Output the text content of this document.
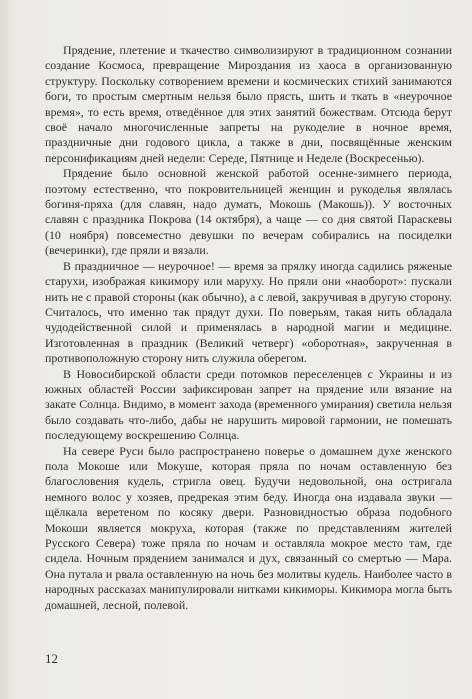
Прядение, плетение и ткачество символизируют в традиционном сознании создание Космоса, превращение Мироздания из хаоса в организованную структуру. Поскольку сотворением времени и космических стихий занимаются боги, то простым смертным нельзя было прясть, шить и ткать в «неурочное время», то есть время, отведённое для этих занятий божествам. Отсюда берут своё начало многочисленные запреты на рукоделие в ночное время, праздничные дни годового цикла, а также в дни, посвящённые женским персонификациям дней недели: Середе, Пятнице и Неделе (Воскресенью).

Прядение было основной женской работой осенне-зимнего периода, поэтому естественно, что покровительницей женщин и рукоделья являлась богиня-пряха (для славян, надо думать, Мокошь (Макошь)). У восточных славян с праздника Покрова (14 октября), а чаще — со дня святой Параскевы (10 ноября) повсеместно девушки по вечерам собирались на посиделки (вечеринки), где пряли и вязали.

В праздничное — неурочное! — время за прялку иногда садились ряженые старухи, изображая кикимору или маруху. Но пряли они «наоборот»: пускали нить не с правой стороны (как обычно), а с левой, закручивая в другую сторону. Считалось, что именно так прядут духи. По поверьям, такая нить обладала чудодейственной силой и применялась в народной магии и медицине. Изготовленная в праздник (Великий четверг) «оборотная», закрученная в противоположную сторону нить служила оберегом.

В Новосибирской области среди потомков переселенцев с Украины и из южных областей России зафиксирован запрет на прядение или вязание на закате Солнца. Видимо, в момент захода (временного умирания) светила нельзя было создавать что-либо, дабы не нарушить мировой гармонии, не помешать последующему воскрешению Солнца.

На севере Руси было распространено поверье о домашнем духе женского пола Мокоше или Мокуше, которая пряла по ночам оставленную без благословения кудель, стригла овец. Будучи недовольной, она остригала немного волос у хозяев, предрекая этим беду. Иногда она издавала звуки — щёлкала веретеном по косяку двери. Разновидностью образа подобного Мокоши является мокруха, которая (также по представлениям жителей Русского Севера) тоже пряла по ночам и оставляла мокрое место там, где сидела. Ночным прядением занимался и дух, связанный со смертью — Мара. Она путала и рвала оставленную на ночь без молитвы кудель. Наиболее часто в народных рассказах манипулировали нитками кикиморы. Кикимора могла быть домашней, лесной, полевой.

12
